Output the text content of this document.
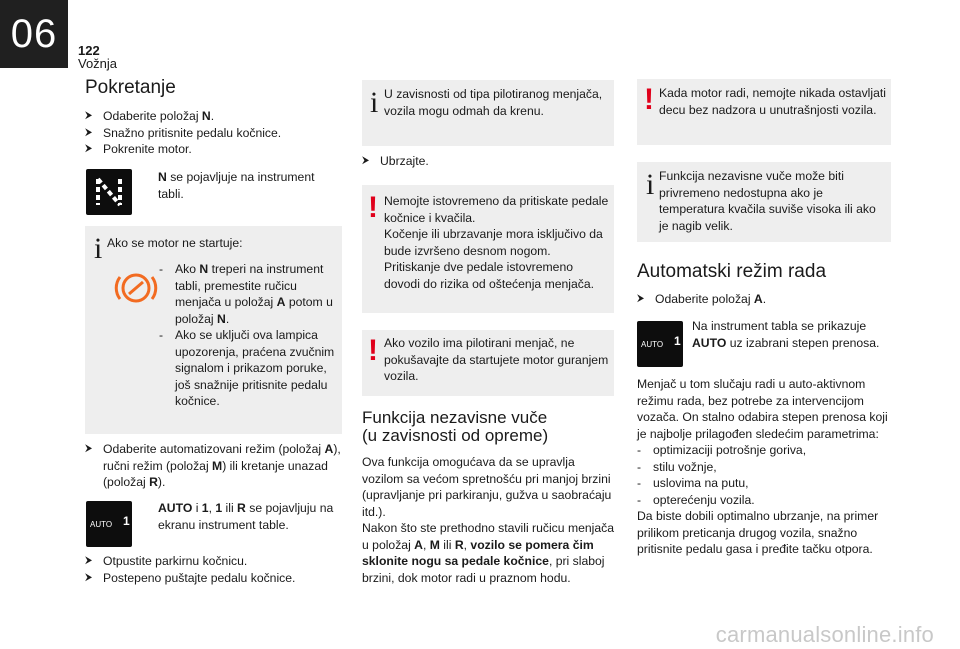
06	122
Vožnja
Pokretanje
⮞ Odaberite položaj N.
⮞ Snažno pritisnite pedalu kočnice.
⮞ Pokrenite motor.
N se pojavljuje na instrument tabli.
i Ako se motor ne startuje:
- Ako N treperi na instrument tabli, premestite ručicu menjača u položaj A potom u položaj N.
- Ako se uključi ova lampica upozorenja, praćena zvučnim signalom i prikazom poruke, još snažnije pritisnite pedalu kočnice.
⮞ Odaberite automatizovani režim (položaj A), ručni režim (položaj M) ili kretanje unazad (položaj R).
AUTO 1
AUTO i 1, 1 ili R se pojavljuju na ekranu instrument table.
⮞ Otpustite parkirnu kočnicu.
⮞ Postepeno puštajte pedalu kočnice.
i U zavisnosti od tipa pilotiranog menjača, vozila mogu odmah da krenu.
⮞ Ubrzajte.
! Nemojte istovremeno da pritiskate pedale kočnice i kvačila.
Kočenje ili ubrzavanje mora isključivo da bude izvršeno desnom nogom.
Pritiskanje dve pedale istovremeno dovodi do rizika od oštećenja menjača.
! Ako vozilo ima pilotirani menjač, ne pokušavajte da startujete motor guranjem vozila.
Funkcija nezavisne vuče
(u zavisnosti od opreme)
Ova funkcija omogućava da se upravlja vozilom sa većom spretnošću pri manjoj brzini (upravljanje pri parkiranju, gužva u saobraćaju itd.).
Nakon što ste prethodno stavili ručicu menjača u položaj A, M ili R, vozilo se pomera čim sklonite nogu sa pedale kočnice, pri slaboj brzini, dok motor radi u praznom hodu.
! Kada motor radi, nemojte nikada ostavljati decu bez nadzora u unutrašnjosti vozila.
i Funkcija nezavisne vuče može biti privremeno nedostupna ako je temperatura kvačila suviše visoka ili ako je nagib velik.
Automatski režim rada
⮞ Odaberite položaj A.
AUTO 1
Na instrument tabla se prikazuje AUTO uz izabrani stepen prenosa.
Menjač u tom slučaju radi u auto-aktivnom režimu rada, bez potrebe za intervencijom vozača. On stalno odabira stepen prenosa koji je najbolje prilagođen sledećim parametrima:
- optimizaciji potrošnje goriva,
- stilu vožnje,
- uslovima na putu,
- opterećenju vozila.
Da biste dobili optimalno ubrzanje, na primer prilikom preticanja drugog vozila, snažno pritisnite pedalu gasa i pređite tačku otpora.
carmanualsonline.info
